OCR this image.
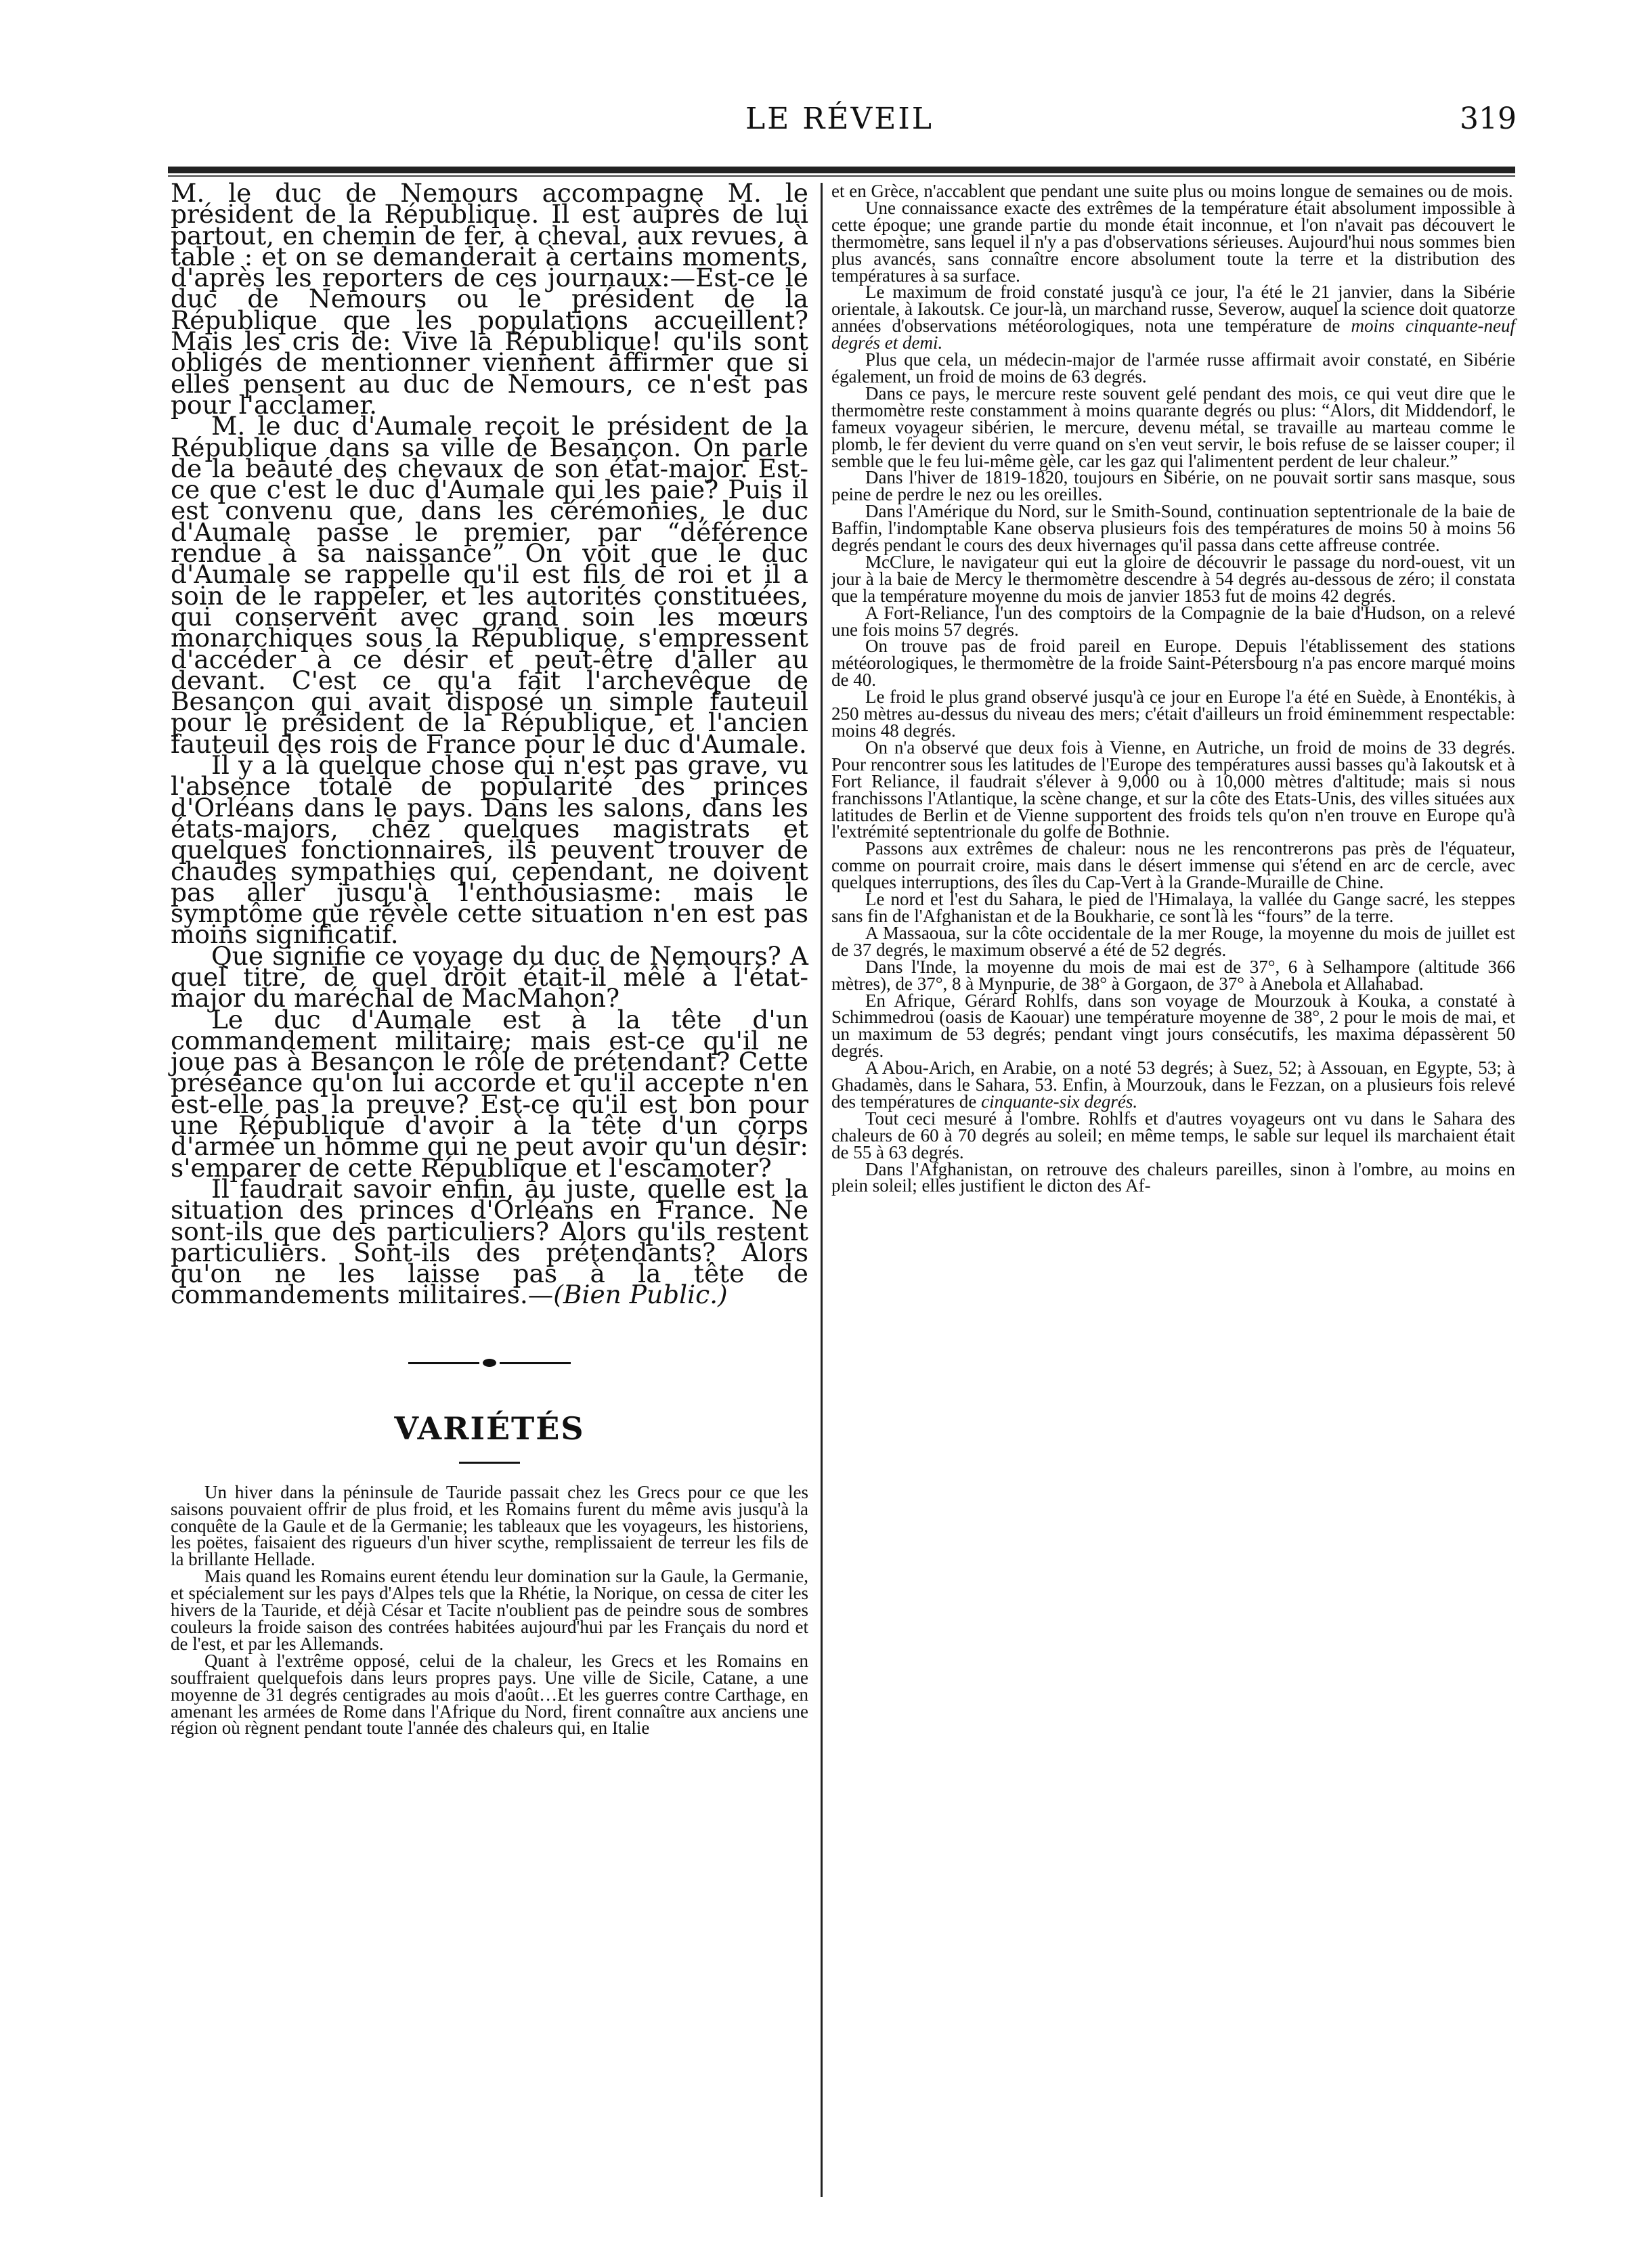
LE RÉVEIL	319

M. le duc de Nemours accompagne M. le président de la République. Il est auprès de lui partout, en chemin de fer, à cheval, aux revues, à table : et on se demanderait à certains moments, d'après les reporters de ces journaux:—Est-ce le duc de Nemours ou le président de la République que les populations accueillent? Mais les cris de: Vive la République! qu'ils sont obligés de mentionner viennent affirmer que si elles pensent au duc de Nemours, ce n'est pas pour l'acclamer.

M. le duc d'Aumale reçoit le président de la République dans sa ville de Besançon. On parle de la beauté des chevaux de son état-major. Est-ce que c'est le duc d'Aumale qui les paie? Puis il est convenu que, dans les cérémonies, le duc d'Aumale passe le premier, par “déférence rendue à sa naissance” On voit que le duc d'Aumale se rappelle qu'il est fils de roi et il a soin de le rappeler, et les autorités constituées, qui conservent avec grand soin les mœurs monarchiques sous la République, s'empressent d'accéder à ce désir et peut-être d'aller au devant. C'est ce qu'a fait l'archevêque de Besançon qui avait disposé un simple fauteuil pour le président de la République, et l'ancien fauteuil des rois de France pour le duc d'Aumale.

Il y a là quelque chose qui n'est pas grave, vu l'absence totale de popularité des princes d'Orléans dans le pays. Dans les salons, dans les états-majors, chez quelques magistrats et quelques fonctionnaires, ils peuvent trouver de chaudes sympathies qui, cependant, ne doivent pas aller jusqu'à l'enthousiasme: mais le symptôme que révèle cette situation n'en est pas moins significatif.

Que signifie ce voyage du duc de Nemours? A quel titre, de quel droit était-il mêlé à l'état-major du maréchal de MacMahon?

Le duc d'Aumale est à la tête d'un commandement militaire; mais est-ce qu'il ne joue pas à Besançon le rôle de prétendant? Cette préséance qu'on lui accorde et qu'il accepte n'en est-elle pas la preuve? Est-ce qu'il est bon pour une République d'avoir à la tête d'un corps d'armée un homme qui ne peut avoir qu'un désir: s'emparer de cette République et l'escamoter?

Il faudrait savoir enfin, au juste, quelle est la situation des princes d'Orléans en France. Ne sont-ils que des particuliers? Alors qu'ils restent particuliers. Sont-ils des prétendants? Alors qu'on ne les laisse pas à la tête de commandements militaires.—(Bien Public.)

VARIÉTÉS

Un hiver dans la péninsule de Tauride passait chez les Grecs pour ce que les saisons pouvaient offrir de plus froid, et les Romains furent du même avis jusqu'à la conquête de la Gaule et de la Germanie; les tableaux que les voyageurs, les historiens, les poëtes, faisaient des rigueurs d'un hiver scythe, remplissaient de terreur les fils de la brillante Hellade.

Mais quand les Romains eurent étendu leur domination sur la Gaule, la Germanie, et spécialement sur les pays d'Alpes tels que la Rhétie, la Norique, on cessa de citer les hivers de la Tauride, et déjà César et Tacite n'oublient pas de peindre sous de sombres couleurs la froide saison des contrées habitées aujourd'hui par les Français du nord et de l'est, et par les Allemands.

Quant à l'extrême opposé, celui de la chaleur, les Grecs et les Romains en souffraient quelquefois dans leurs propres pays. Une ville de Sicile, Catane, a une moyenne de 31 degrés centigrades au mois d'août…Et les guerres contre Carthage, en amenant les armées de Rome dans l'Afrique du Nord, firent connaître aux anciens une région où règnent pendant toute l'année des chaleurs qui, en Italie

et en Grèce, n'accablent que pendant une suite plus ou moins longue de semaines ou de mois.

Une connaissance exacte des extrêmes de la température était absolument impossible à cette époque; une grande partie du monde était inconnue, et l'on n'avait pas découvert le thermomètre, sans lequel il n'y a pas d'observations sérieuses. Aujourd'hui nous sommes bien plus avancés, sans connaître encore absolument toute la terre et la distribution des températures à sa surface.

Le maximum de froid constaté jusqu'à ce jour, l'a été le 21 janvier, dans la Sibérie orientale, à Iakoutsk. Ce jour-là, un marchand russe, Severow, auquel la science doit quatorze années d'observations météorologiques, nota une température de moins cinquante-neuf degrés et demi.

Plus que cela, un médecin-major de l'armée russe affirmait avoir constaté, en Sibérie également, un froid de moins de 63 degrés.

Dans ce pays, le mercure reste souvent gelé pendant des mois, ce qui veut dire que le thermomètre reste constamment à moins quarante degrés ou plus: “Alors, dit Middendorf, le fameux voyageur sibérien, le mercure, devenu métal, se travaille au marteau comme le plomb, le fer devient du verre quand on s'en veut servir, le bois refuse de se laisser couper; il semble que le feu lui-même gèle, car les gaz qui l'alimentent perdent de leur chaleur.”

Dans l'hiver de 1819-1820, toujours en Sibérie, on ne pouvait sortir sans masque, sous peine de perdre le nez ou les oreilles.

Dans l'Amérique du Nord, sur le Smith-Sound, continuation septentrionale de la baie de Baffin, l'indomptable Kane observa plusieurs fois des températures de moins 50 à moins 56 degrés pendant le cours des deux hivernages qu'il passa dans cette affreuse contrée.

McClure, le navigateur qui eut la gloire de découvrir le passage du nord-ouest, vit un jour à la baie de Mercy le thermomètre descendre à 54 degrés au-dessous de zéro; il constata que la température moyenne du mois de janvier 1853 fut de moins 42 degrés.

A Fort-Reliance, l'un des comptoirs de la Compagnie de la baie d'Hudson, on a relevé une fois moins 57 degrés.

On trouve pas de froid pareil en Europe. Depuis l'établissement des stations météorologiques, le thermomètre de la froide Saint-Pétersbourg n'a pas encore marqué moins de 40.

Le froid le plus grand observé jusqu'à ce jour en Europe l'a été en Suède, à Enontékis, à 250 mètres au-dessus du niveau des mers; c'était d'ailleurs un froid éminemment respectable: moins 48 degrés.

On n'a observé que deux fois à Vienne, en Autriche, un froid de moins de 33 degrés. Pour rencontrer sous les latitudes de l'Europe des températures aussi basses qu'à Iakoutsk et à Fort Reliance, il faudrait s'élever à 9,000 ou à 10,000 mètres d'altitude; mais si nous franchissons l'Atlantique, la scène change, et sur la côte des Etats-Unis, des villes situées aux latitudes de Berlin et de Vienne supportent des froids tels qu'on n'en trouve en Europe qu'à l'extrémité septentrionale du golfe de Bothnie.

Passons aux extrêmes de chaleur: nous ne les rencontrerons pas près de l'équateur, comme on pourrait croire, mais dans le désert immense qui s'étend en arc de cercle, avec quelques interruptions, des îles du Cap-Vert à la Grande-Muraille de Chine.

Le nord et l'est du Sahara, le pied de l'Himalaya, la vallée du Gange sacré, les steppes sans fin de l'Afghanistan et de la Boukharie, ce sont là les “fours” de la terre.

A Massaoua, sur la côte occidentale de la mer Rouge, la moyenne du mois de juillet est de 37 degrés, le maximum observé a été de 52 degrés.

Dans l'Inde, la moyenne du mois de mai est de 37°, 6 à Selhampore (altitude 366 mètres), de 37°, 8 à Mynpurie, de 38° à Gorgaon, de 37° à Anebola et Allahabad.

En Afrique, Gérard Rohlfs, dans son voyage de Mourzouk à Kouka, a constaté à Schimmedrou (oasis de Kaouar) une température moyenne de 38°, 2 pour le mois de mai, et un maximum de 53 degrés; pendant vingt jours consécutifs, les maxima dépassèrent 50 degrés.

A Abou-Arich, en Arabie, on a noté 53 degrés; à Suez, 52; à Assouan, en Egypte, 53; à Ghadamès, dans le Sahara, 53. Enfin, à Mourzouk, dans le Fezzan, on a plusieurs fois relevé des températures de cinquante-six degrés.

Tout ceci mesuré à l'ombre. Rohlfs et d'autres voyageurs ont vu dans le Sahara des chaleurs de 60 à 70 degrés au soleil; en même temps, le sable sur lequel ils marchaient était de 55 à 63 degrés.

Dans l'Afghanistan, on retrouve des chaleurs pareilles, sinon à l'ombre, au moins en plein soleil; elles justifient le dicton des Af-
